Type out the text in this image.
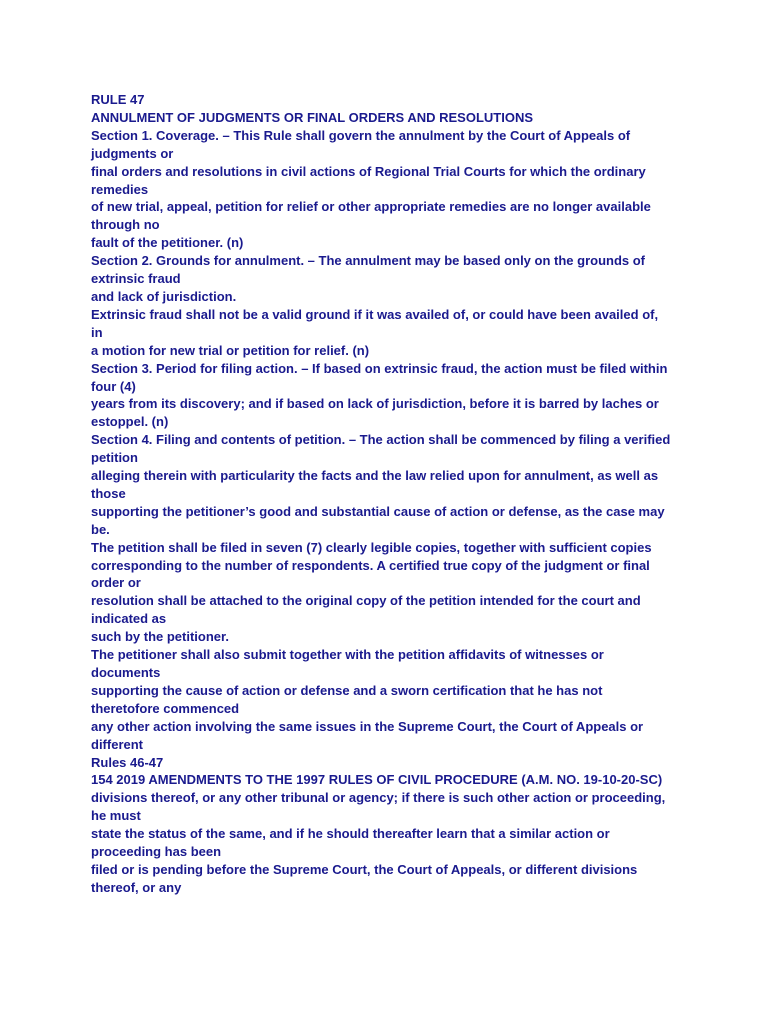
RULE 47
ANNULMENT OF JUDGMENTS OR FINAL ORDERS AND RESOLUTIONS
Section 1. Coverage. – This Rule shall govern the annulment by the Court of Appeals of
judgments or
final orders and resolutions in civil actions of Regional Trial Courts for which the ordinary
remedies
of new trial, appeal, petition for relief or other appropriate remedies are no longer available
through no
fault of the petitioner. (n)
Section 2. Grounds for annulment. – The annulment may be based only on the grounds of
extrinsic fraud
and lack of jurisdiction.
Extrinsic fraud shall not be a valid ground if it was availed of, or could have been availed of,
in
a motion for new trial or petition for relief. (n)
Section 3. Period for filing action. – If based on extrinsic fraud, the action must be filed within
four (4)
years from its discovery; and if based on lack of jurisdiction, before it is barred by laches or
estoppel. (n)
Section 4. Filing and contents of petition. – The action shall be commenced by filing a verified
petition
alleging therein with particularity the facts and the law relied upon for annulment, as well as
those
supporting the petitioner’s good and substantial cause of action or defense, as the case may
be.
The petition shall be filed in seven (7) clearly legible copies, together with sufficient copies
corresponding to the number of respondents. A certified true copy of the judgment or final
order or
resolution shall be attached to the original copy of the petition intended for the court and
indicated as
such by the petitioner.
The petitioner shall also submit together with the petition affidavits of witnesses or
documents
supporting the cause of action or defense and a sworn certification that he has not
theretofore commenced
any other action involving the same issues in the Supreme Court, the Court of Appeals or
different
Rules 46-47
154 2019 AMENDMENTS TO THE 1997 RULES OF CIVIL PROCEDURE (A.M. NO. 19-10-20-SC)
divisions thereof, or any other tribunal or agency; if there is such other action or proceeding,
he must
state the status of the same, and if he should thereafter learn that a similar action or
proceeding has been
filed or is pending before the Supreme Court, the Court of Appeals, or different divisions
thereof, or any
